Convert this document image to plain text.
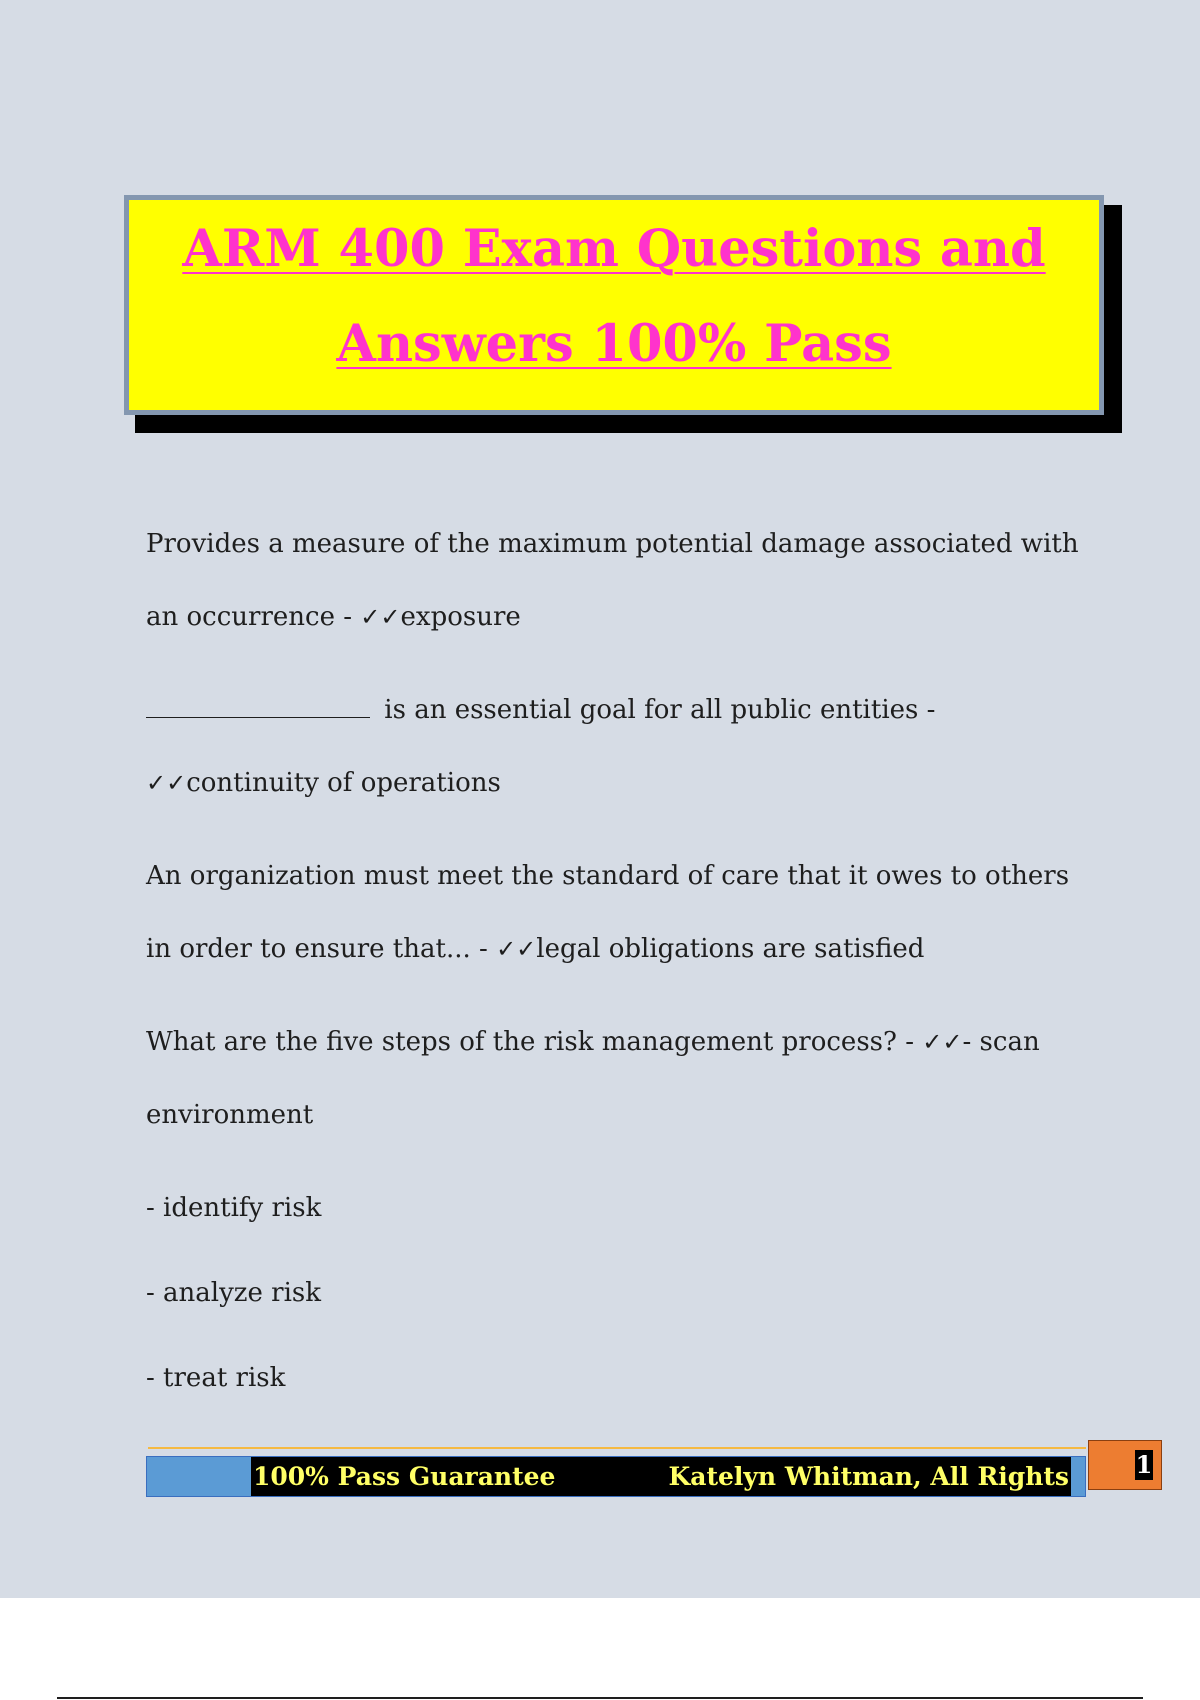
ARM 400 Exam Questions and
Answers 100% Pass

Provides a measure of the maximum potential damage associated with an occurrence - ✓✓exposure

is an essential goal for all public entities - ✓✓continuity of operations

An organization must meet the standard of care that it owes to others in order to ensure that... - ✓✓legal obligations are satisfied

What are the five steps of the risk management process? - ✓✓- scan environment

- identify risk

- analyze risk

- treat risk

100% Pass Guarantee	Katelyn Whitman, All Rights	1
